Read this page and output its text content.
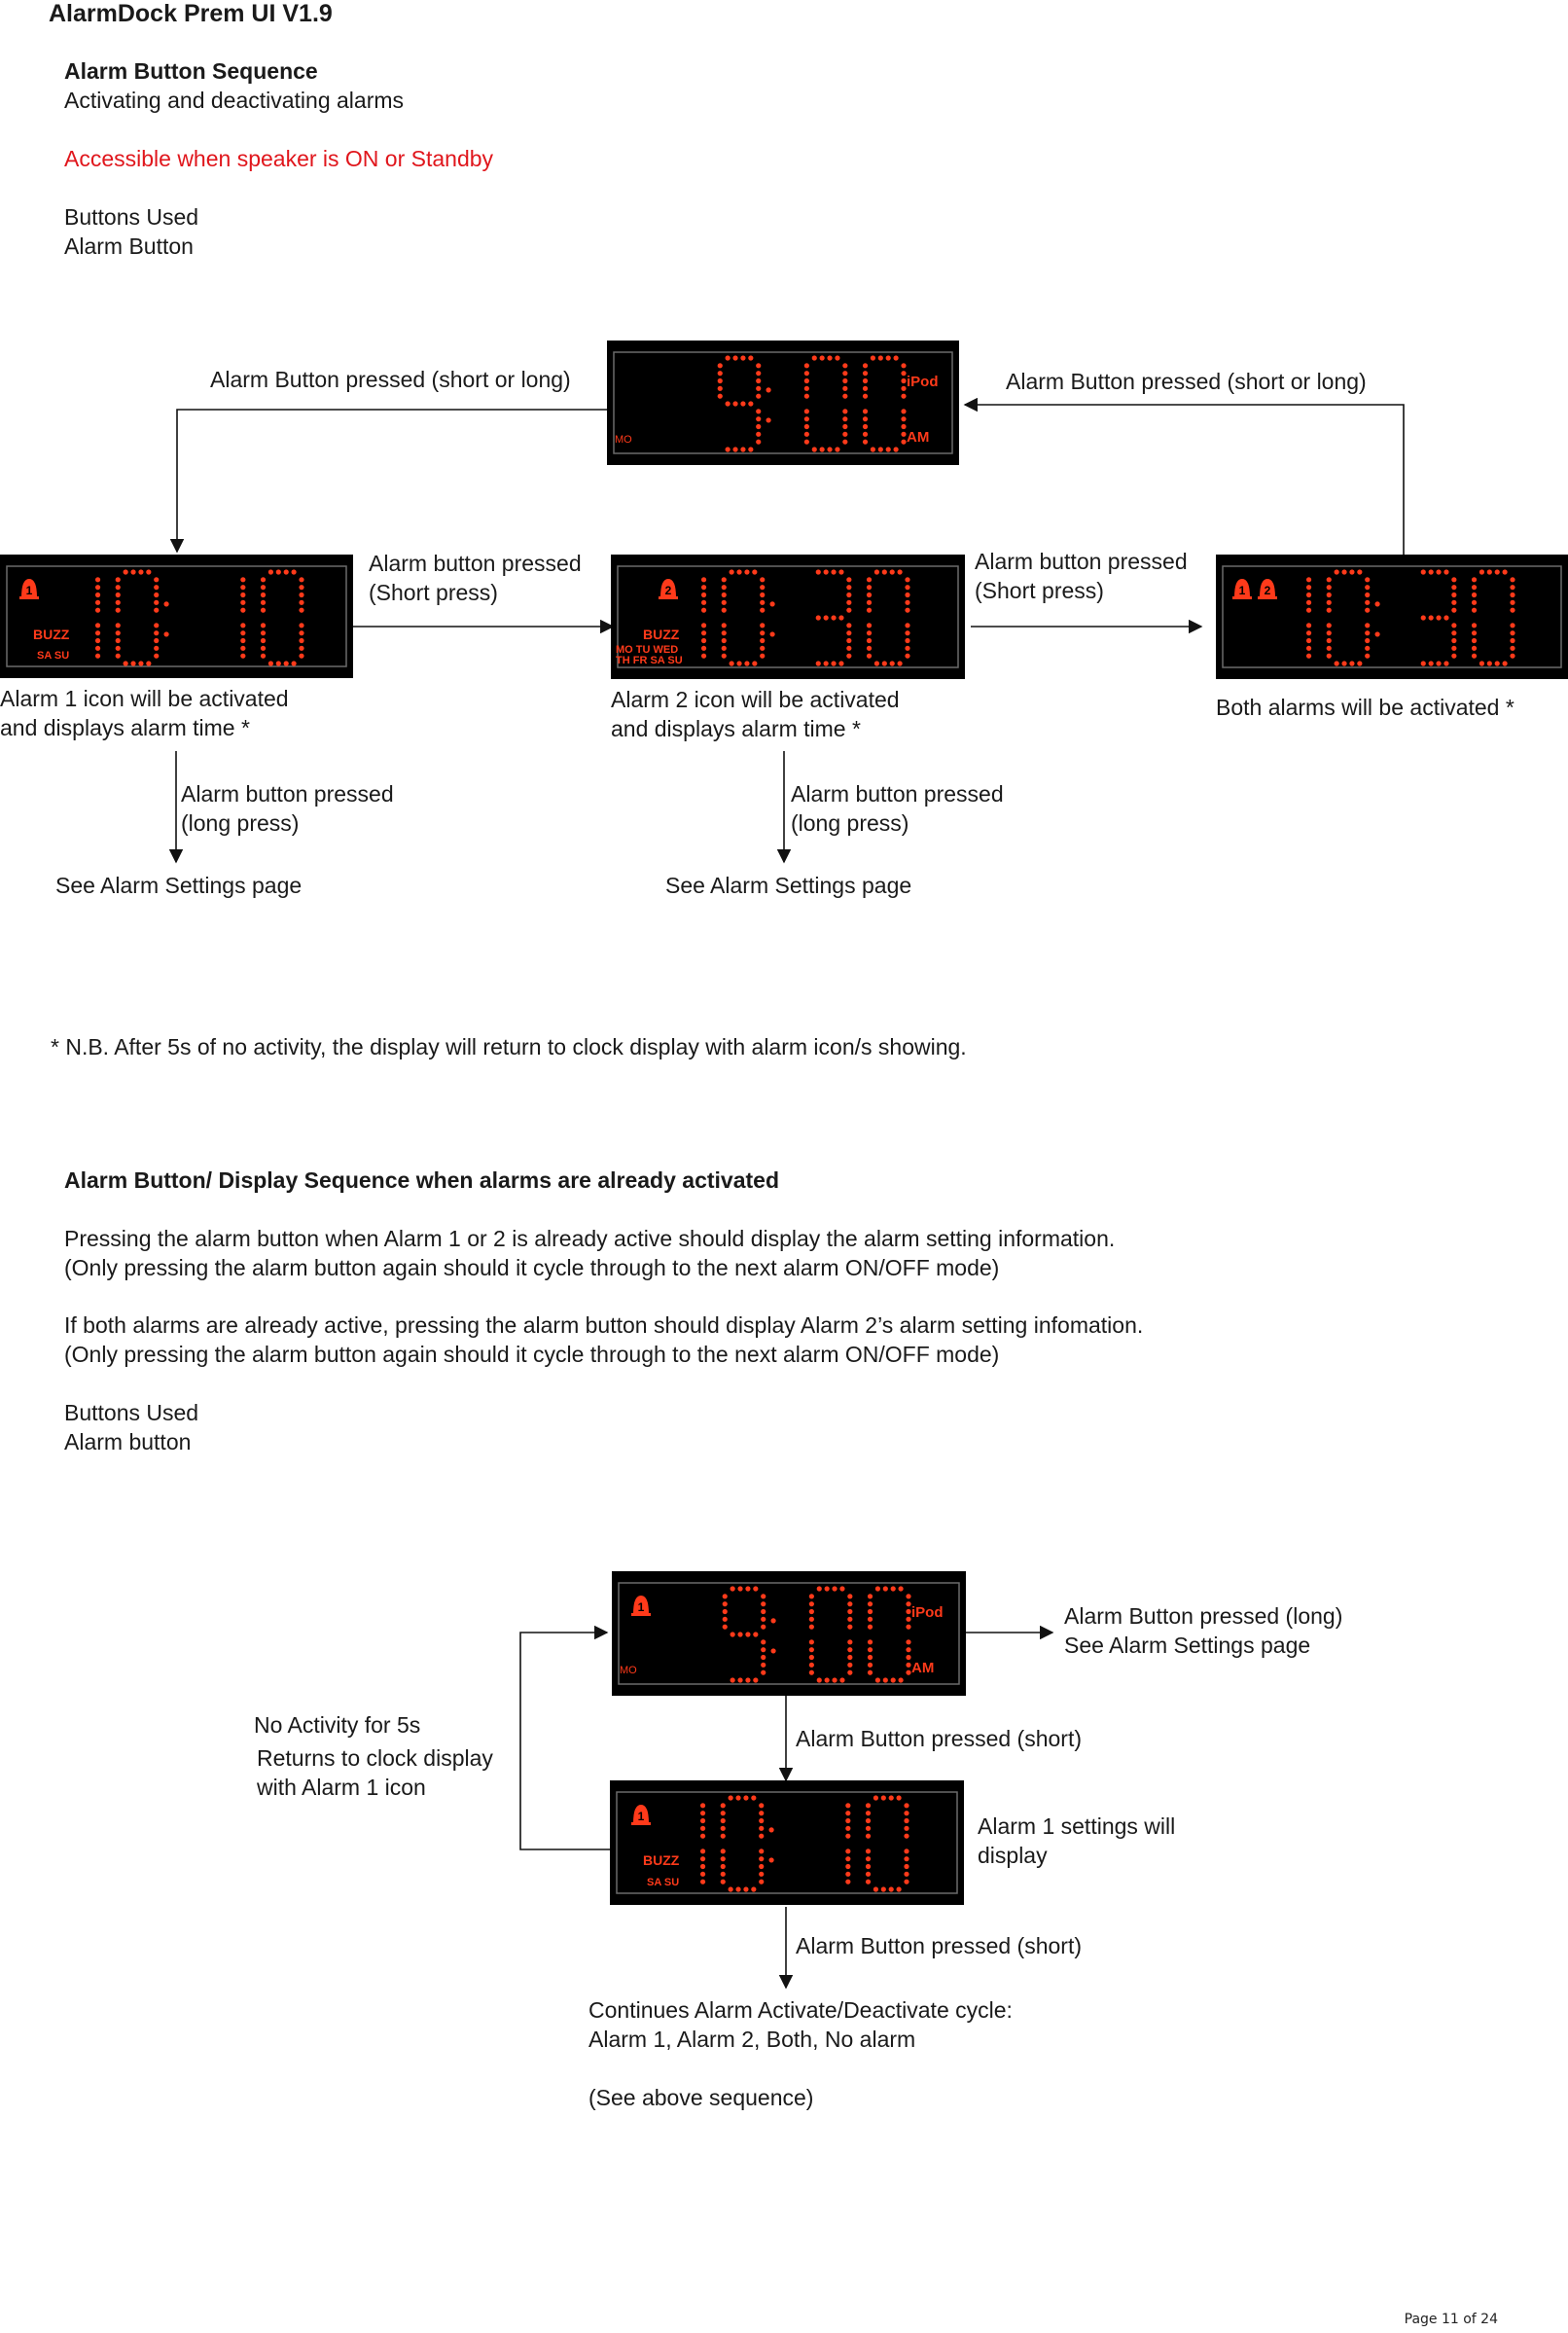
AlarmDock Prem UI V1.9
Alarm Button Sequence
Activating and deactivating alarms
Accessible when speaker is ON or Standby
Buttons Used
Alarm Button
Alarm Button pressed (short or long)	Alarm Button pressed (short or long)
Alarm button pressed
(Short press)
Alarm button pressed
(Short press)
Alarm 1 icon will be activated
and displays alarm time *
Alarm 2 icon will be activated
and displays alarm time *
Both alarms will be activated *
Alarm button pressed
(long press)
Alarm button pressed
(long press)
See Alarm Settings page	See Alarm Settings page
* N.B. After 5s of no activity, the display will return to clock display with alarm icon/s showing.
Alarm Button/ Display Sequence when alarms are already activated
Pressing the alarm button when Alarm 1 or 2 is already active should display the alarm setting information.
(Only pressing the alarm button again should it cycle through to the next alarm ON/OFF mode)
If both alarms are already active, pressing the alarm button should display Alarm 2’s alarm setting infomation.
(Only pressing the alarm button again should it cycle through to the next alarm ON/OFF mode)
Buttons Used
Alarm button
Alarm Button pressed (long)
See Alarm Settings page
Alarm Button pressed (short)
No Activity for 5s
Returns to clock display
with Alarm 1 icon
Alarm 1 settings will
display
Alarm Button pressed (short)
Continues Alarm Activate/Deactivate cycle:
Alarm 1, Alarm 2, Both, No alarm
(See above sequence)
Page 11 of 24
iPod
AM
MO
1
BUZZ
SA SU
2
BUZZ
MO TU WED
TH FR SA SU
1 2
1	iPod
AM
MO
1
BUZZ
SA SU
